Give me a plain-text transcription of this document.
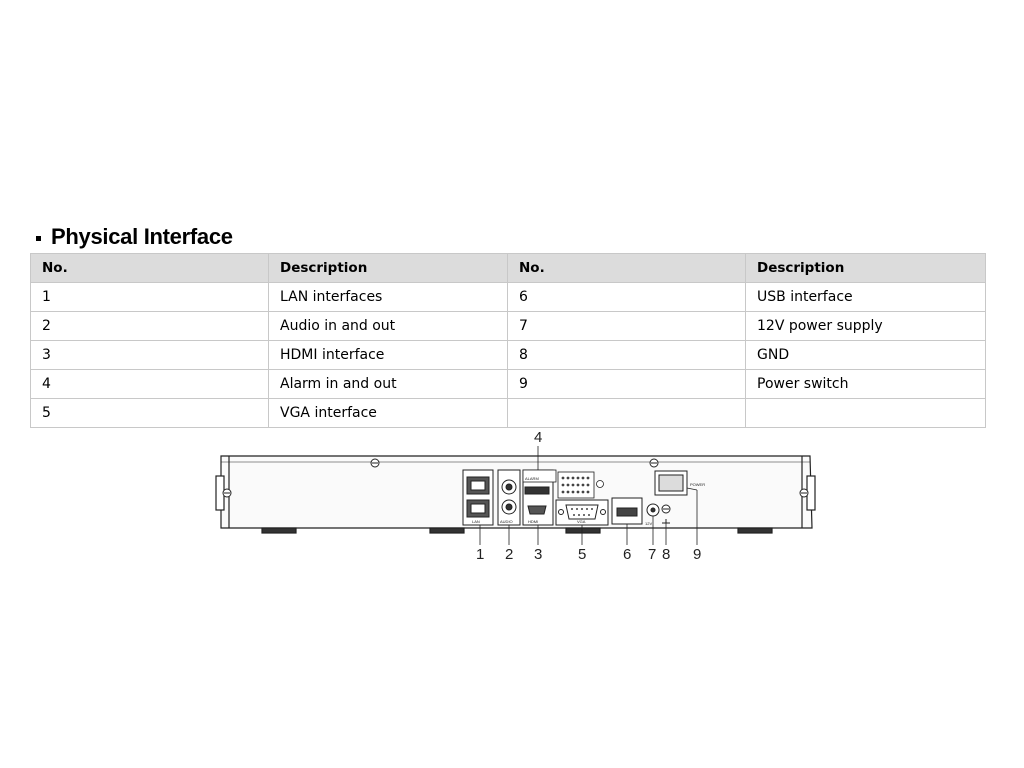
Physical Interface
No.	Description	No.	Description
1	LAN interfaces	6	USB interface
2	Audio in and out	7	12V power supply
3	HDMI interface	8	GND
4	Alarm in and out	9	Power switch
5	VGA interface		
LAN	AUDIO	HDMI
ALARM
VGA	12V
POWER
1 2 3
4
5 6 7 8 9
